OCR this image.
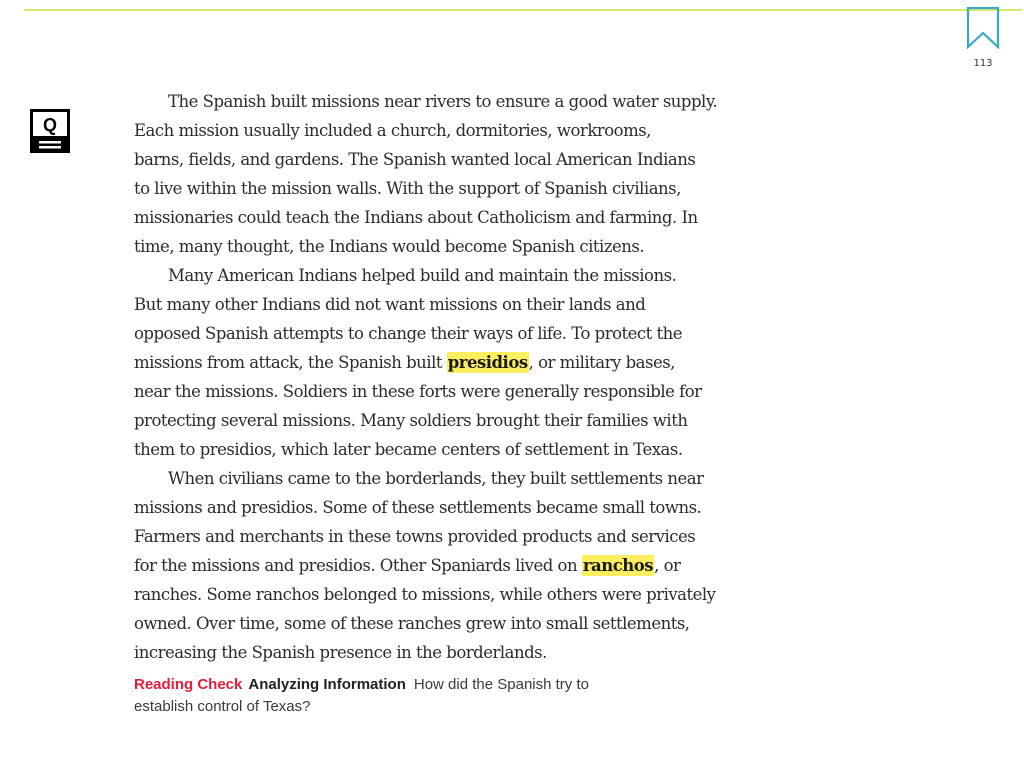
113
Q
The Spanish built missions near rivers to ensure a good water supply.
Each mission usually included a church, dormitories, workrooms,
barns, fields, and gardens. The Spanish wanted local American Indians
to live within the mission walls. With the support of Spanish civilians,
missionaries could teach the Indians about Catholicism and farming. In
time, many thought, the Indians would become Spanish citizens.
Many American Indians helped build and maintain the missions.
But many other Indians did not want missions on their lands and
opposed Spanish attempts to change their ways of life. To protect the
missions from attack, the Spanish built presidios, or military bases,
near the missions. Soldiers in these forts were generally responsible for
protecting several missions. Many soldiers brought their families with
them to presidios, which later became centers of settlement in Texas.
When civilians came to the borderlands, they built settlements near
missions and presidios. Some of these settlements became small towns.
Farmers and merchants in these towns provided products and services
for the missions and presidios. Other Spaniards lived on ranchos, or
ranches. Some ranchos belonged to missions, while others were privately
owned. Over time, some of these ranches grew into small settlements,
increasing the Spanish presence in the borderlands.
Reading Check Analyzing Information How did the Spanish try to
establish control of Texas?
